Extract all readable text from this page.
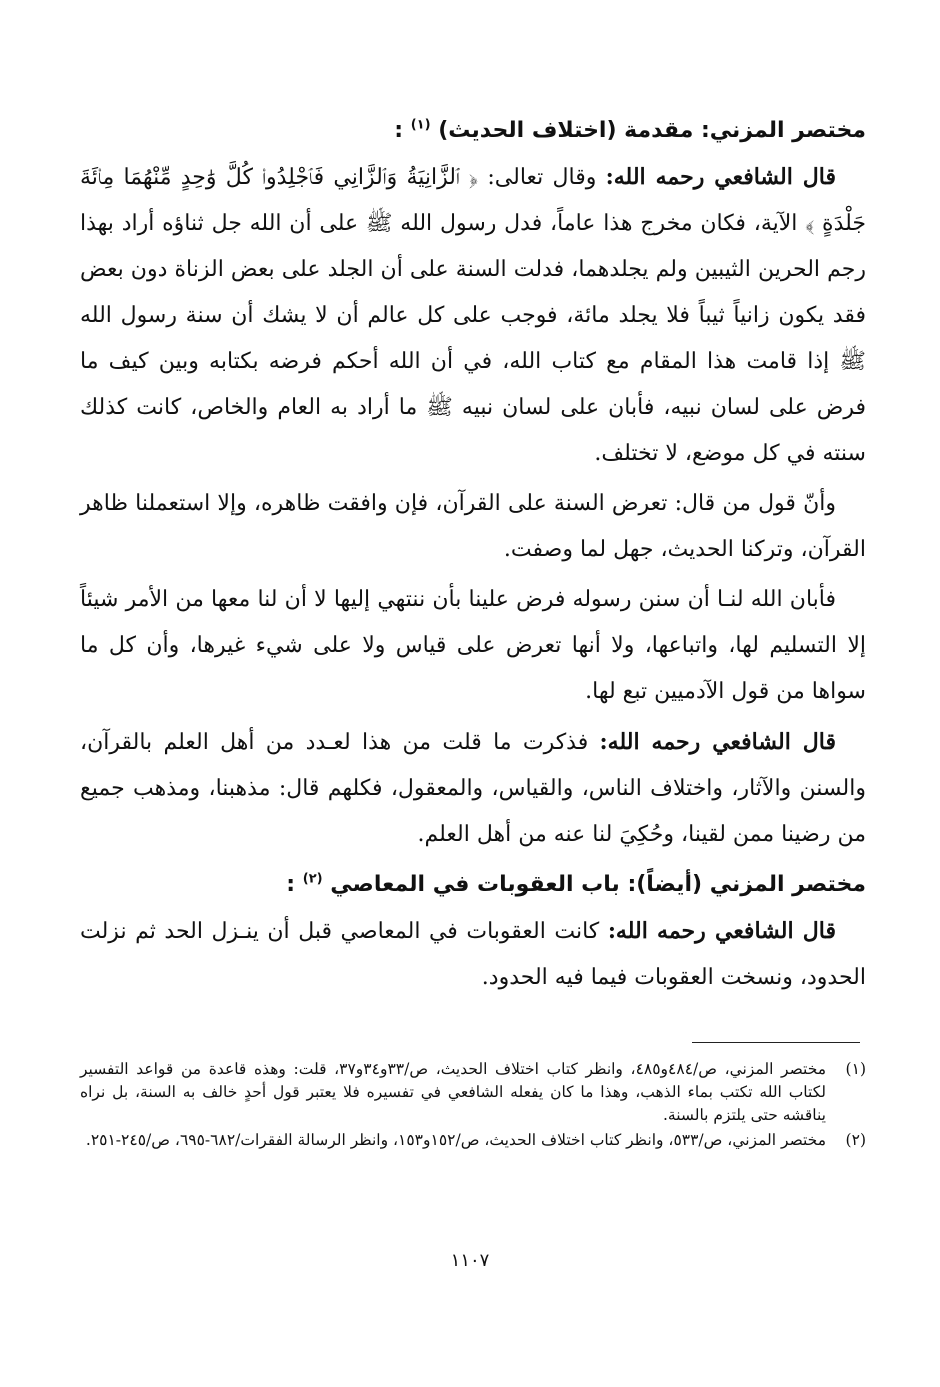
مختصر المزني: مقدمة (اختلاف الحديث) $^{(١)}$ :

قال الشافعي رحمه الله: وقال تعالى: ﴿ ٱلزَّانِيَةُ وَٱلزَّانِي فَٱجْلِدُوا۟ كُلَّ وَٰحِدٍ مِّنْهُمَا مِا۟ئَةَ جَلْدَةٍ ﴾ الآية، فكان مخرج هذا عاماً، فدل رسول الله ﷺ على أن الله جل ثناؤه أراد بهذا رجم الحرين الثيبين ولم يجلدهما، فدلت السنة على أن الجلد على بعض الزناة دون بعض فقد يكون زانياً ثيباً فلا يجلد مائة، فوجب على كل عالم أن لا يشك أن سنة رسول الله ﷺ إذا قامت هذا المقام مع كتاب الله، في أن الله أحكم فرضه بكتابه وبين كيف ما فرض على لسان نبيه، فأبان على لسان نبيه ﷺ ما أراد به العام والخاص، كانت كذلك سنته في كل موضع، لا تختلف.

وأنّ قول من قال: تعرض السنة على القرآن، فإن وافقت ظاهره، وإلا استعملنا ظاهر القرآن، وتركنا الحديث، جهل لما وصفت.

فأبان الله لنـا أن سنن رسوله فرض علينا بأن ننتهي إليها لا أن لنا معها من الأمر شيئاً إلا التسليم لها، واتباعها، ولا أنها تعرض على قياس ولا على شيء غيرها، وأن كل ما سواها من قول الآدميين تبع لها.

قال الشافعي رحمه الله: فذكرت ما قلت من هذا لعـدد من أهل العلم بالقرآن، والسنن والآثار، واختلاف الناس، والقياس، والمعقول، فكلهم قال: مذهبنا، ومذهب جميع من رضينا ممن لقينا، وحُكِيَ لنا عنه من أهل العلم.

مختصر المزني (أيضاً): باب العقوبات في المعاصي $^{(٢)}$ :

قال الشافعي رحمه الله: كانت العقوبات في المعاصي قبل أن ينـزل الحد ثم نزلت الحدود، ونسخت العقوبات فيما فيه الحدود.

(١)
مختصر المزني، ص/٤٨٤و٤٨٥، وانظر كتاب اختلاف الحديث، ص/٣٣و٣٤و٣٧، قلت: وهذه قاعدة من قواعد التفسير لكتاب الله تكتب بماء الذهب، وهذا ما كان يفعله الشافعي في تفسيره فلا يعتبر قول أحدٍ خالف به السنة، بل نراه يناقشه حتى يلتزم بالسنة.
(٢)
مختصر المزني، ص/٥٣٣، وانظر كتاب اختلاف الحديث، ص/١٥٢و١٥٣، وانظر الرسالة الفقرات/٦٨٢-٦٩٥، ص/٢٤٥-٢٥١.
١١٠٧
